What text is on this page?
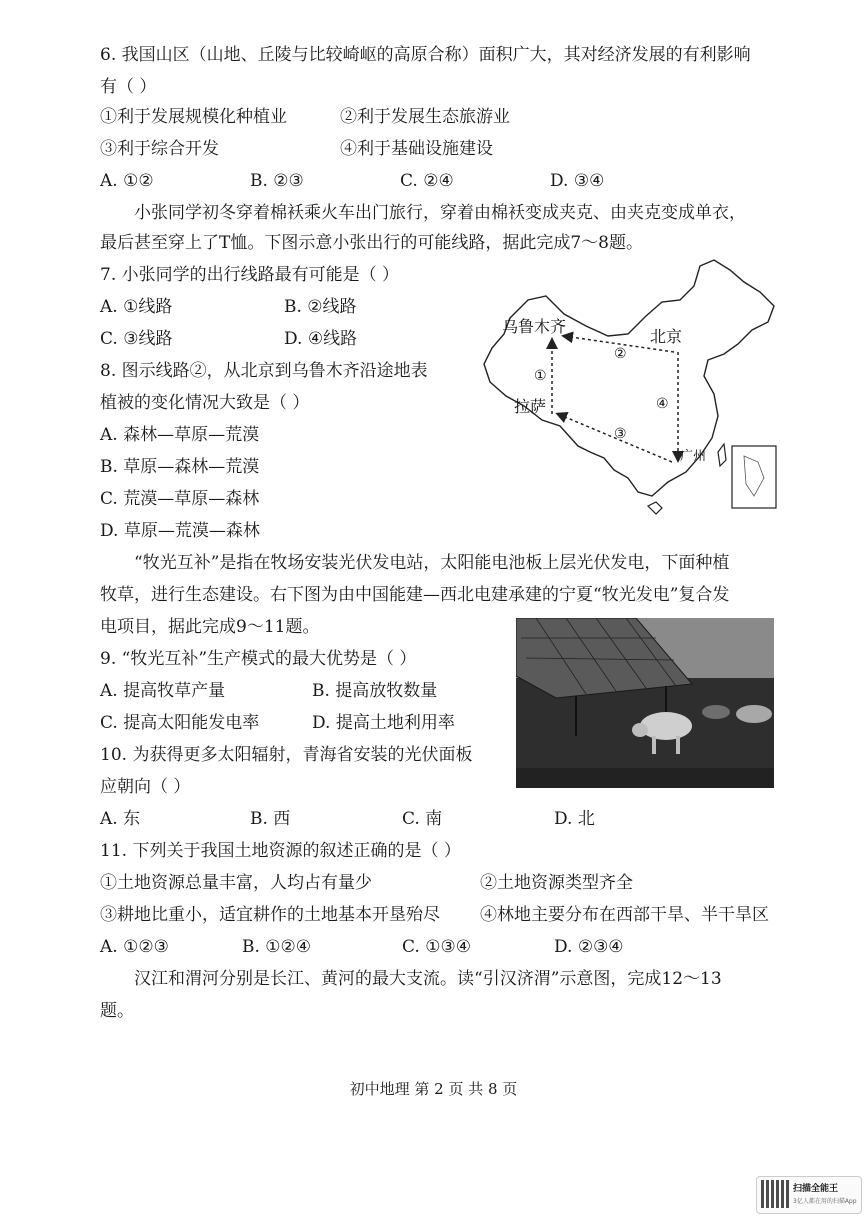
6. 我国山区（山地、丘陵与比较崎岖的高原合称）面积广大，其对经济发展的有利影响
有（ ）
①利于发展规模化种植业	②利于发展生态旅游业
③利于综合开发	④利于基础设施建设
A. ①②	B. ②③	C. ②④	D. ③④
小张同学初冬穿着棉袄乘火车出门旅行，穿着由棉袄变成夹克、由夹克变成单衣，
最后甚至穿上了T恤。下图示意小张出行的可能线路，据此完成7～8题。
7. 小张同学的出行线路最有可能是（ ）
A. ①线路	B. ②线路
C. ③线路	D. ④线路
8. 图示线路②，从北京到乌鲁木齐沿途地表
植被的变化情况大致是（ ）
A. 森林—草原—荒漠
B. 草原—森林—荒漠
C. 荒漠—草原—森林
D. 草原—荒漠—森林
乌鲁木齐
北京
拉萨
广州
①
②
③
④
“牧光互补”是指在牧场安装光伏发电站，太阳能电池板上层光伏发电，下面种植
牧草，进行生态建设。右下图为由中国能建—西北电建承建的宁夏“牧光发电”复合发
电项目，据此完成9～11题。
9. “牧光互补”生产模式的最大优势是（ ）
A. 提高牧草产量	B. 提高放牧数量
C. 提高太阳能发电率	D. 提高土地利用率
10. 为获得更多太阳辐射，青海省安装的光伏面板
应朝向（ ）
A. 东	B. 西	C. 南	D. 北
11. 下列关于我国土地资源的叙述正确的是（ ）
①土地资源总量丰富，人均占有量少	②土地资源类型齐全
③耕地比重小，适宜耕作的土地基本开垦殆尽 ④林地主要分布在西部干旱、半干旱区
A. ①②③	B. ①②④	C. ①③④	D. ②③④
汉江和渭河分别是长江、黄河的最大支流。读“引汉济渭”示意图，完成12～13
题。
初中地理 第 2 页 共 8 页
扫描全能王
3亿人都在用的扫描App
